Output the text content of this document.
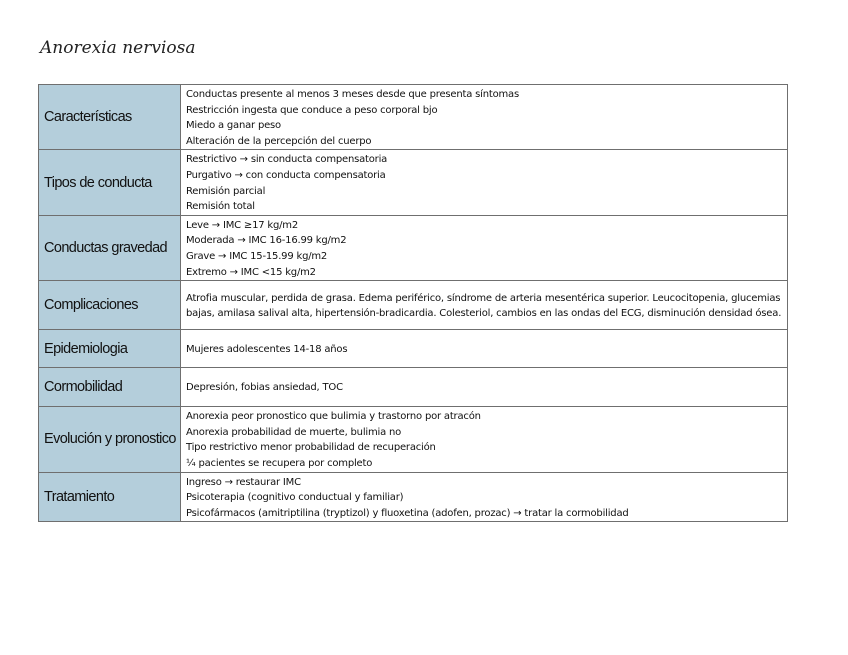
Anorexia nerviosa
Características	Conductas presente al menos 3 meses desde que presenta síntomas
Restricción ingesta que conduce a peso corporal bjo
Miedo a ganar peso
Alteración de la percepción del cuerpo

Tipos de conducta	Restrictivo → sin conducta compensatoria
Purgativo → con conducta compensatoria
Remisión parcial
Remisión total

Conductas gravedad	Leve → IMC ≥17 kg/m2
Moderada → IMC 16-16.99 kg/m2
Grave → IMC 15-15.99 kg/m2
Extremo → IMC <15 kg/m2

Complicaciones	Atrofia muscular, perdida de grasa. Edema periférico, síndrome de arteria mesentérica superior. Leucocitopenia, glucemias bajas, amilasa salival alta, hipertensión-bradicardia. Colesteriol, cambios en las ondas del ECG, disminución densidad ósea.

Epidemiologia	Mujeres adolescentes 14-18 años

Cormobilidad	Depresión, fobias ansiedad, TOC

Evolución y pronostico	Anorexia peor pronostico que bulimia y trastorno por atracón
Anorexia probabilidad de muerte, bulimia no
Tipo restrictivo menor probabilidad de recuperación
¼ pacientes se recupera por completo

Tratamiento	Ingreso → restaurar IMC
Psicoterapia (cognitivo conductual y familiar)
Psicofármacos (amitriptilina (tryptizol) y fluoxetina (adofen, prozac) → tratar la cormobilidad
